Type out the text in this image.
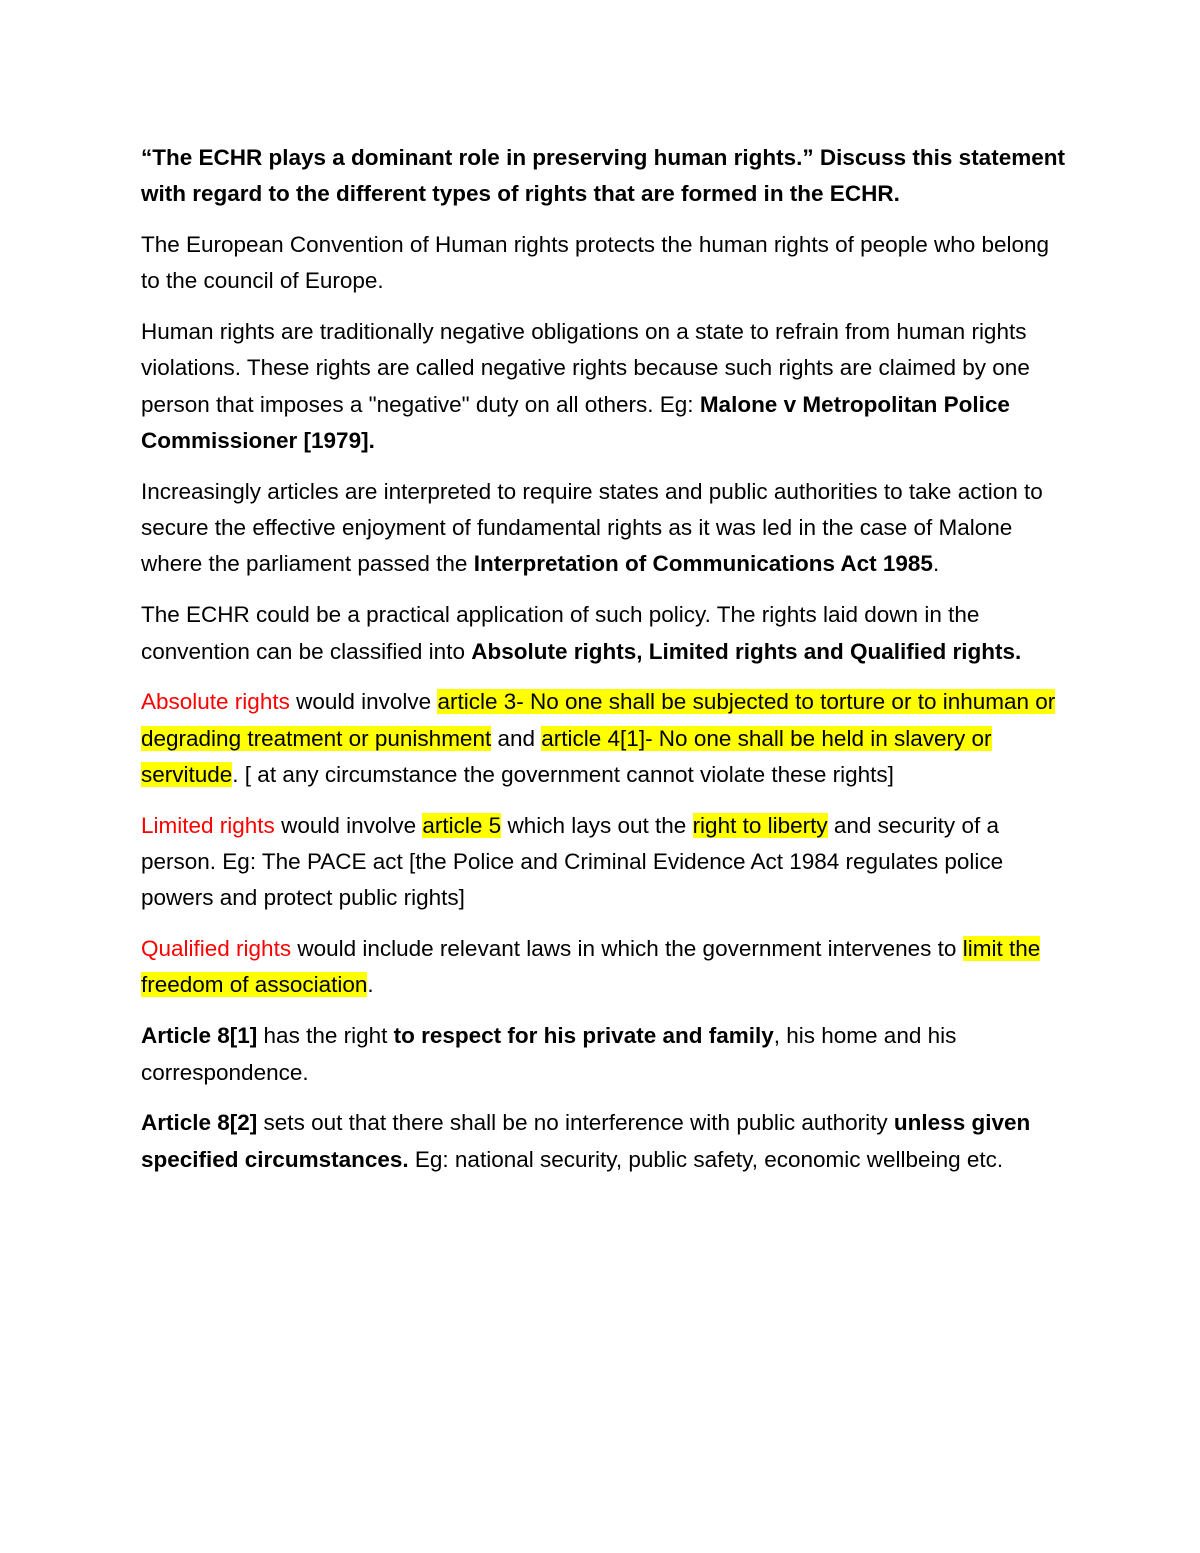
“The ECHR plays a dominant role in preserving human rights.” Discuss this statement with regard to the different types of rights that are formed in the ECHR.

The European Convention of Human rights protects the human rights of people who belong to the council of Europe.

Human rights are traditionally negative obligations on a state to refrain from human rights violations. These rights are called negative rights because such rights are claimed by one person that imposes a "negative" duty on all others. Eg: Malone v Metropolitan Police Commissioner [1979].

Increasingly articles are interpreted to require states and public authorities to take action to secure the effective enjoyment of fundamental rights as it was led in the case of Malone where the parliament passed the Interpretation of Communications Act 1985.

The ECHR could be a practical application of such policy. The rights laid down in the convention can be classified into Absolute rights, Limited rights and Qualified rights.

Absolute rights would involve article 3- No one shall be subjected to torture or to inhuman or degrading treatment or punishment and article 4[1]- No one shall be held in slavery or servitude. [ at any circumstance the government cannot violate these rights]

Limited rights would involve article 5 which lays out the right to liberty and security of a person. Eg: The PACE act [the Police and Criminal Evidence Act 1984 regulates police powers and protect public rights]

Qualified rights would include relevant laws in which the government intervenes to limit the freedom of association.

Article 8[1] has the right to respect for his private and family, his home and his correspondence.

Article 8[2] sets out that there shall be no interference with public authority unless given specified circumstances. Eg: national security, public safety, economic wellbeing etc.
